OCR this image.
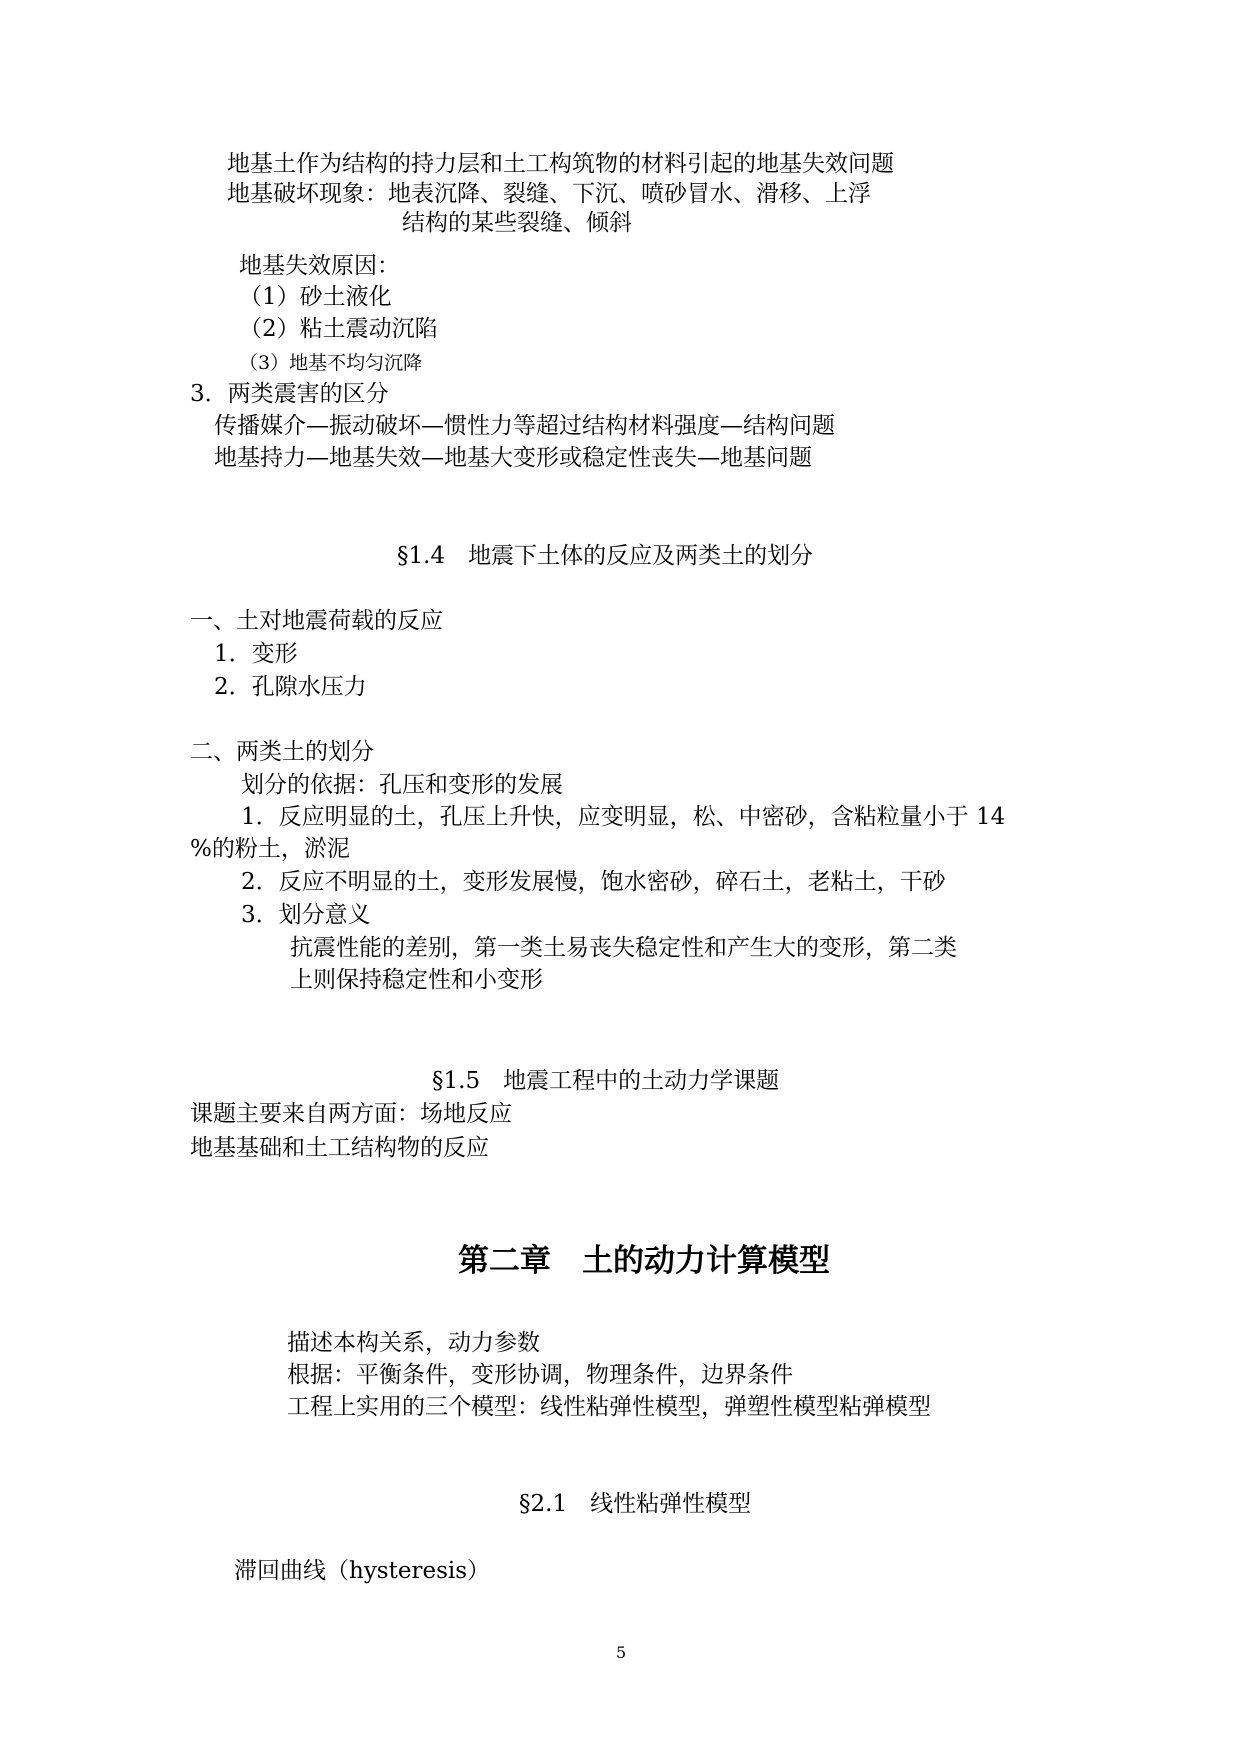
地基土作为结构的持力层和土工构筑物的材料引起的地基失效问题
地基破坏现象：地表沉降、裂缝、下沉、喷砂冒水、滑移、上浮
结构的某些裂缝、倾斜
地基失效原因：
（1）砂土液化
（2）粘土震动沉陷
（3）地基不均匀沉降
3．两类震害的区分
传播媒介—振动破坏—惯性力等超过结构材料强度—结构问题
地基持力—地基失效—地基大变形或稳定性丧失—地基问题
§1.4　地震下土体的反应及两类土的划分
一、土对地震荷载的反应
1．变形
2．孔隙水压力
二、两类土的划分
划分的依据：孔压和变形的发展
1．反应明显的土，孔压上升快，应变明显，松、中密砂，含粘粒量小于 14
%的粉土，淤泥
2．反应不明显的土，变形发展慢，饱水密砂，碎石土，老粘土，干砂
3．划分意义
抗震性能的差别，第一类土易丧失稳定性和产生大的变形，第二类
上则保持稳定性和小变形
§1.5　地震工程中的土动力学课题
课题主要来自两方面：场地反应
地基基础和土工结构物的反应
第二章　土的动力计算模型
描述本构关系，动力参数
根据：平衡条件，变形协调，物理条件，边界条件
工程上实用的三个模型：线性粘弹性模型，弹塑性模型粘弹模型
§2.1　线性粘弹性模型
滞回曲线（hysteresis）
5
